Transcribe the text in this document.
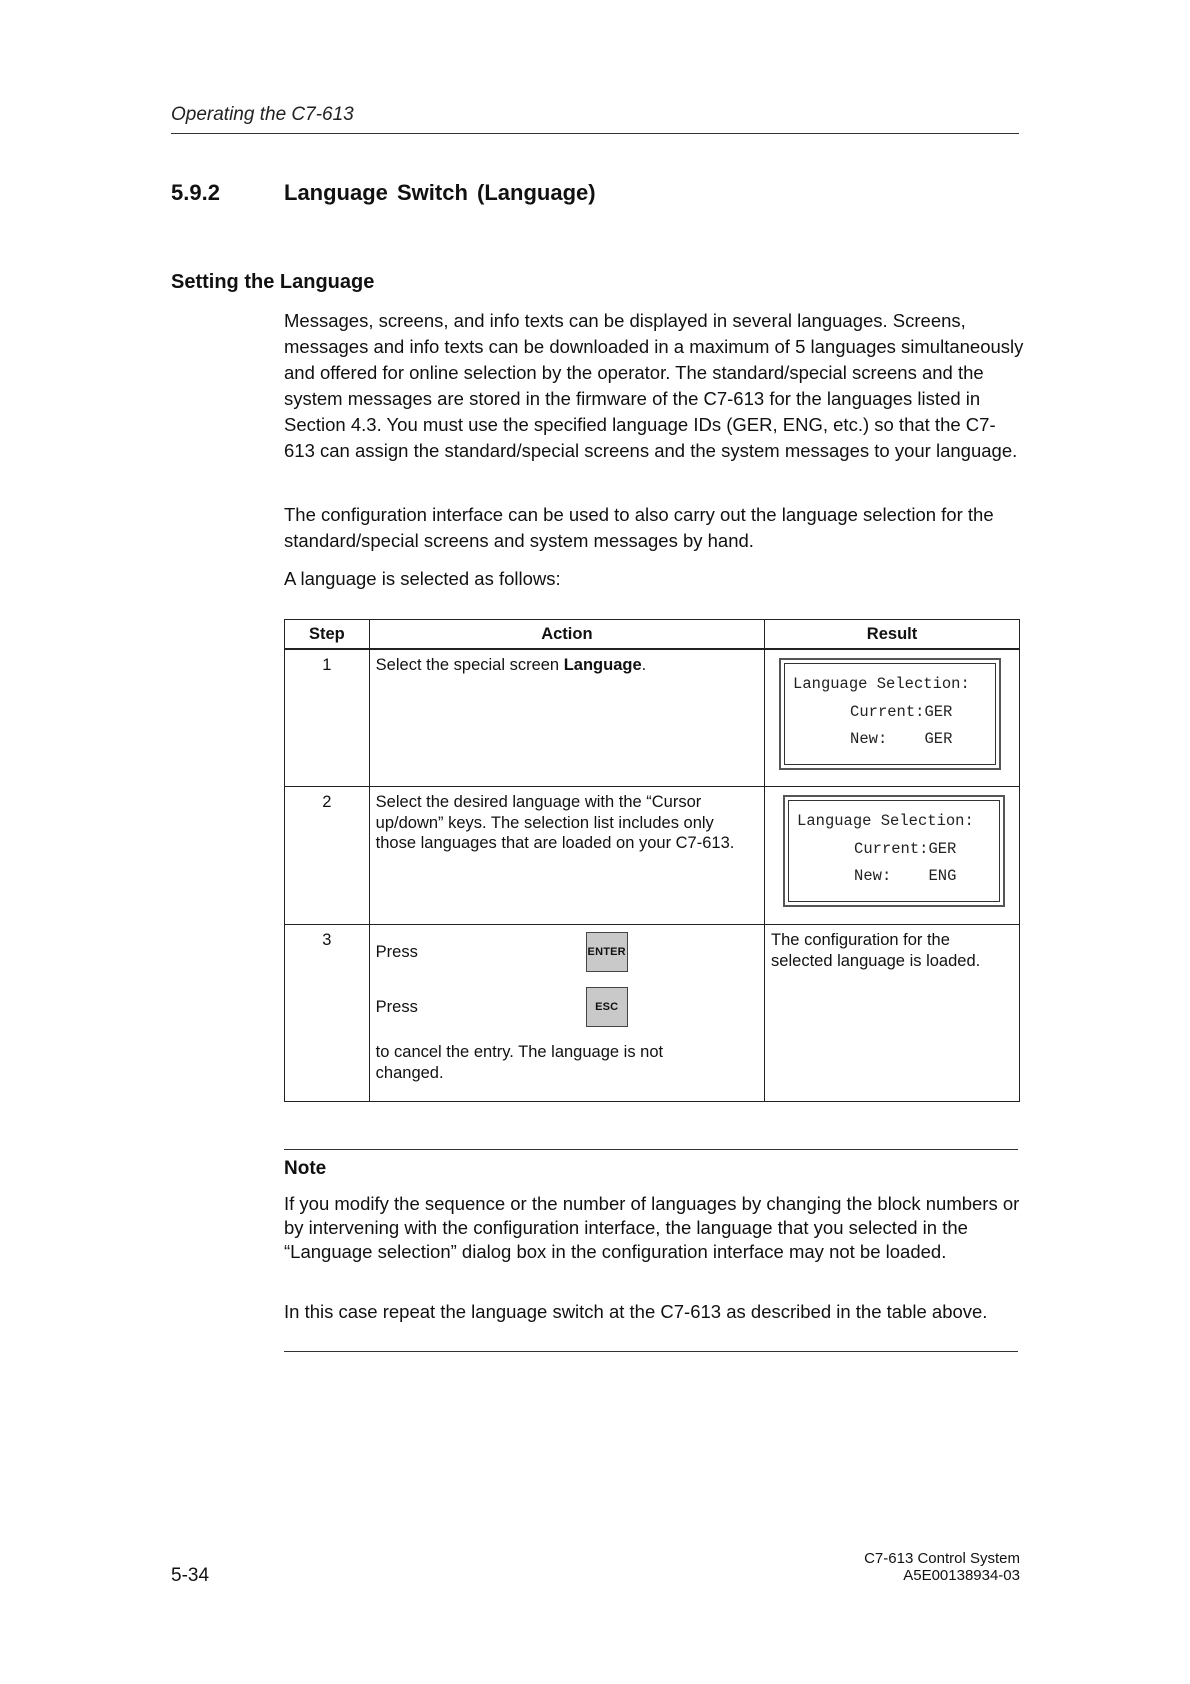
Operating the C7-613
5.9.2	Language Switch (Language)
Setting the Language

Messages, screens, and info texts can be displayed in several languages. Screens, messages and info texts can be downloaded in a maximum of 5 languages simultaneously and offered for online selection by the operator. The standard/special screens and the system messages are stored in the firmware of the C7-613 for the languages listed in Section 4.3. You must use the specified language IDs (GER, ENG, etc.) so that the C7-613 can assign the standard/special screens and the system messages to your language.

The configuration interface can be used to also carry out the language selection for the standard/special screens and system messages by hand.

A language is selected as follows:

Step	Action	Result
1	Select the special screen Language.	Language Selection:
Current:GER
New: GER

2	Select the desired language with the “Cursor up/down” keys. The selection list includes only those languages that are loaded on your C7-613.	Language Selection:
Current:GER
New: ENG

3	Press ENTER
Press ESC
to cancel the entry. The language is not changed.	The configuration for the selected language is loaded.
Note

If you modify the sequence or the number of languages by changing the block numbers or by intervening with the configuration interface, the language that you selected in the “Language selection” dialog box in the configuration interface may not be loaded.

In this case repeat the language switch at the C7-613 as described in the table above.

5-34
C7-613 Control System
A5E00138934-03
